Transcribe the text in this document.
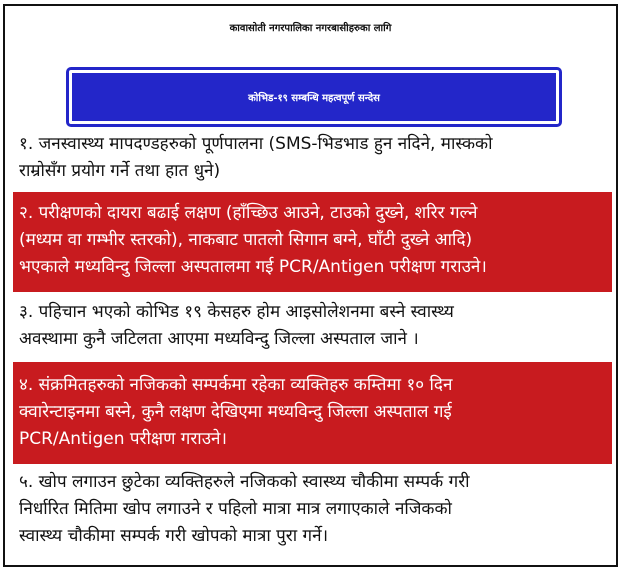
कावासोती नगरपालिका नगरबासीहरुका लागि
कोभिड-१९ सम्बन्धि महत्वपूर्ण सन्देस
१. जनस्वास्थ्य मापदण्डहरुको पूर्णपालना (SMS-भिडभाड हुन नदिने, मास्कको
राम्रोसँग प्रयोग गर्ने तथा हात धुने)
२. परीक्षणको दायरा बढाई लक्षण (हाँच्छिउ आउने, टाउको दुख्ने, शरिर गल्ने
(मध्यम वा गम्भीर स्तरको), नाकबाट पातलो सिगान बग्ने, घाँटी दुख्ने आदि)
भएकाले मध्यविन्दु जिल्ला अस्पतालमा गई PCR/Antigen परीक्षण गराउने।
३. पहिचान भएको कोभिड १९ केसहरु होम आइसोलेशनमा बस्ने स्वास्थ्य
अवस्थामा कुनै जटिलता आएमा मध्यविन्दु जिल्ला अस्पताल जाने ।
४. संक्रमितहरुको नजिकको सम्पर्कमा रहेका व्यक्तिहरु कम्तिमा १० दिन
क्वारेन्टाइनमा बस्ने, कुनै लक्षण देखिएमा मध्यविन्दु जिल्ला अस्पताल गई
PCR/Antigen परीक्षण गराउने।
५. खोप लगाउन छुटेका व्यक्तिहरुले नजिकको स्वास्थ्य चौकीमा सम्पर्क गरी
निर्धारित मितिमा खोप लगाउने र पहिलो मात्रा मात्र लगाएकाले नजिकको
स्वास्थ्य चौकीमा सम्पर्क गरी खोपको मात्रा पुरा गर्ने।
